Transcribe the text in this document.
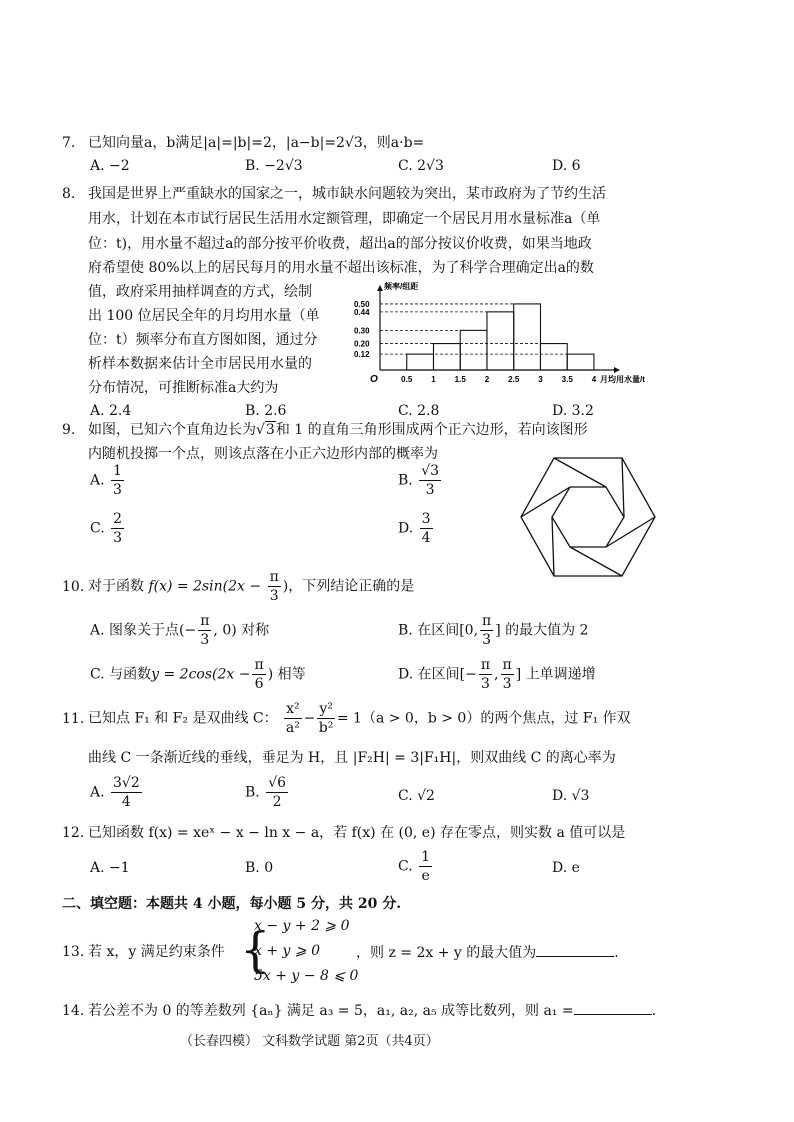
7. 已知向量a，b满足|a|=|b|=2，|a−b|=2√3，则a·b=
A. −2	B. −2√3	C. 2√3	D. 6
8. 我国是世界上严重缺水的国家之一，城市缺水问题较为突出，某市政府为了节约生活
用水，计划在本市试行居民生活用水定额管理，即确定一个居民月用水量标准a（单
位：t)，用水量不超过a的部分按平价收费，超出a的部分按议价收费，如果当地政
府希望使 80%以上的居民每月的用水量不超出该标准，为了科学合理确定出a的数
值，政府采用抽样调查的方式，绘制
出 100 位居民全年的月均用水量（单
位：t）频率分布直方图如图，通过分
析样本数据来估计全市居民用水量的
分布情况，可推断标准a大约为
A. 2.4	B. 2.6	C. 2.8	D. 3.2
频率/组距
月均用水量/t
O
0.50
0.44
0.30
0.20
0.12
0.5 1 1.5 2 2.5 3 3.5 4
9. 如图，已知六个直角边长为√3和 1 的直角三角形围成两个正六边形，若向该图形
内随机投掷一个点，则该点落在小正六边形内部的概率为
A. $\frac{1}{3}$	B. $\frac{√3}{3}$
C. $\frac{2}{3}$	D. $\frac{3}{4}$
10. 对于函数 $f(x) = 2\sin(2x - \frac{\pi}{3}$ )，下列结论正确的是
A. 图象关于点(− $\frac{\pi}{3}$ , 0) 对称	B. 在区间[0, $\frac{\pi}{3}$ ] 的最大值为 2
C. 与函数$y = 2\cos(2x - \frac{\pi}{6}$ ) 相等	D. 在区间[− $\frac{\pi}{3}$ , $\frac{\pi}{3}$ ] 上单调递增
11. 已知点 F₁ 和 F₂ 是双曲线 C： $\frac{\text{x²}}{\text{a²}} - \frac{\text{y²}}{\text{b²}} = 1(a > 0$，b > 0）的两个焦点，过 F₁ 作双
曲线 C 一条渐近线的垂线，垂足为 H，且 |F₂H| = 3|F₁H|，则双曲线 C 的离心率为
A. $\frac{3√2}{4}$	B. $\frac{√6}{2}$	C. √2	D. √3
12. 已知函数 f(x) = xeˣ − x − ln x − a，若 f(x) 在 (0, e) 存在零点，则实数 a 值可以是
A. −1	B. 0	C. $\frac{1}{e}$	D. e
二、填空题：本题共 4 小题，每小题 5 分，共 20 分.
13. 若 x，y 满足约束条件 {
x − y + 2 ⩾ 0
x + y ⩾ 0
5x + y − 8 ⩽ 0
，则 z = 2x + y 的最大值为	.
14. 若公差不为 0 的等差数列 {aₙ} 满足 a₃ = 5，a₁, a₂, a₅ 成等比数列，则 a₁ =	.
（长春四模） 文科数学试题 第2页（共4页）
